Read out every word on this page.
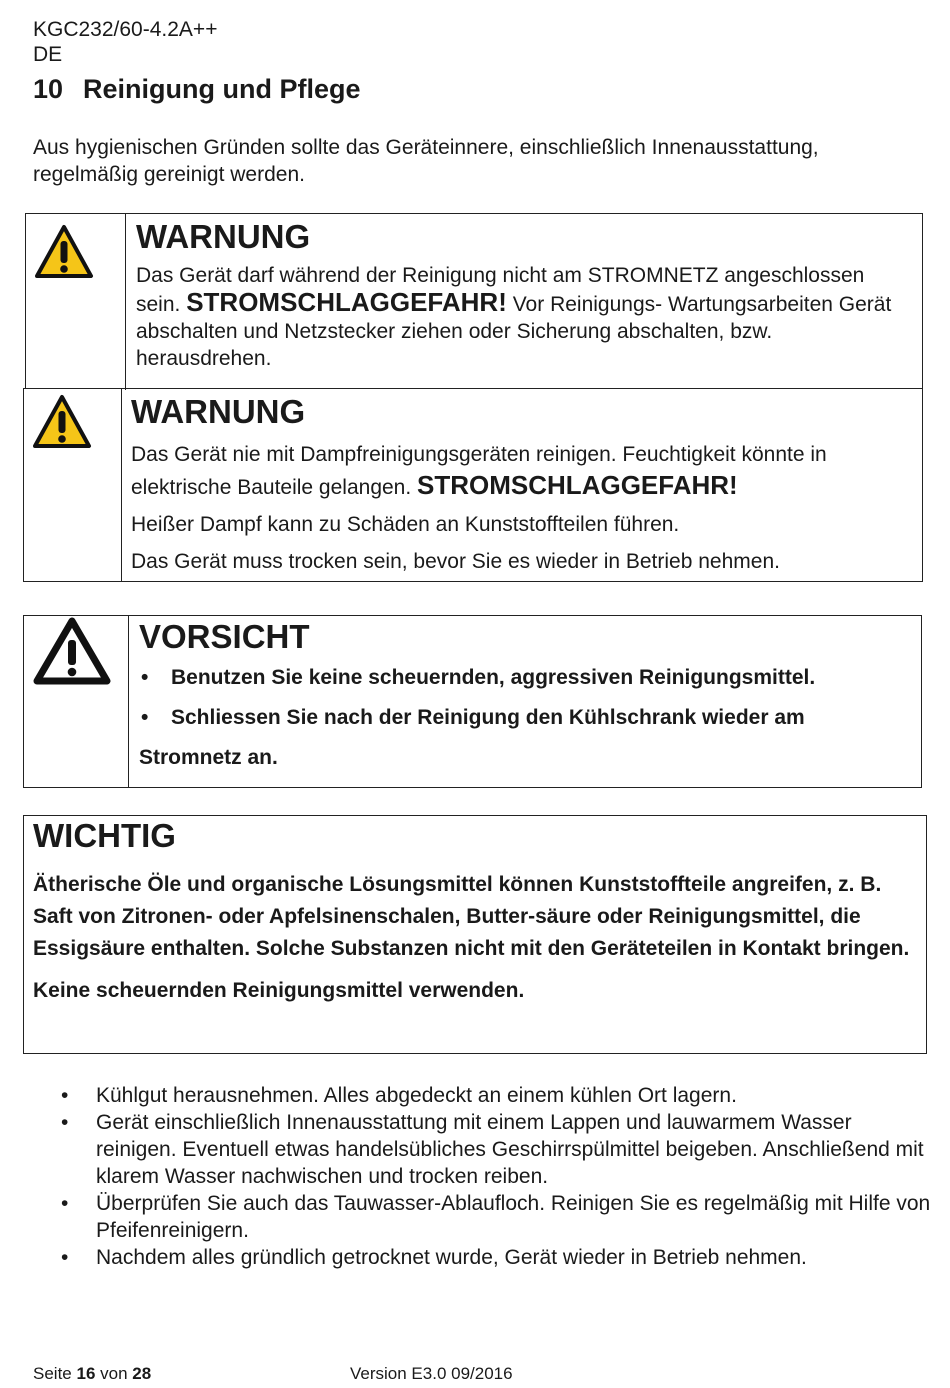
KGC232/60-4.2A++
DE
10 Reinigung und Pflege
Aus hygienischen Gründen sollte das Geräteinnere, einschließlich Innenausstattung, regelmäßig gereinigt werden.
WARNUNG
Das Gerät darf während der Reinigung nicht am STROMNETZ angeschlossen sein. STROMSCHLAGGEFAHR! Vor Reinigungs- Wartungsarbeiten Gerät abschalten und Netzstecker ziehen oder Sicherung abschalten, bzw. herausdrehen.
WARNUNG
Das Gerät nie mit Dampfreinigungsgeräten reinigen. Feuchtigkeit könnte in elektrische Bauteile gelangen. STROMSCHLAGGEFAHR!
Heißer Dampf kann zu Schäden an Kunststoffteilen führen.
Das Gerät muss trocken sein, bevor Sie es wieder in Betrieb nehmen.
VORSICHT
• Benutzen Sie keine scheuernden, aggressiven Reinigungsmittel.
• Schliessen Sie nach der Reinigung den Kühlschrank wieder am
Stromnetz an.
WICHTIG
Ätherische Öle und organische Lösungsmittel können Kunststoffteile angreifen, z. B. Saft von Zitronen- oder Apfelsinenschalen, Butter-säure oder Reinigungsmittel, die Essigsäure enthalten. Solche Substanzen nicht mit den Geräteteilen in Kontakt bringen.
Keine scheuernden Reinigungsmittel verwenden.
• Kühlgut herausnehmen. Alles abgedeckt an einem kühlen Ort lagern.
• Gerät einschließlich Innenausstattung mit einem Lappen und lauwarmem Wasser reinigen. Eventuell etwas handelsübliches Geschirrspülmittel beigeben. Anschließend mit klarem Wasser nachwischen und trocken reiben.
• Überprüfen Sie auch das Tauwasser-Ablaufloch. Reinigen Sie es regelmäßig mit Hilfe von Pfeifenreinigern.
• Nachdem alles gründlich getrocknet wurde, Gerät wieder in Betrieb nehmen.
Seite 16 von 28	Version E3.0 09/2016
